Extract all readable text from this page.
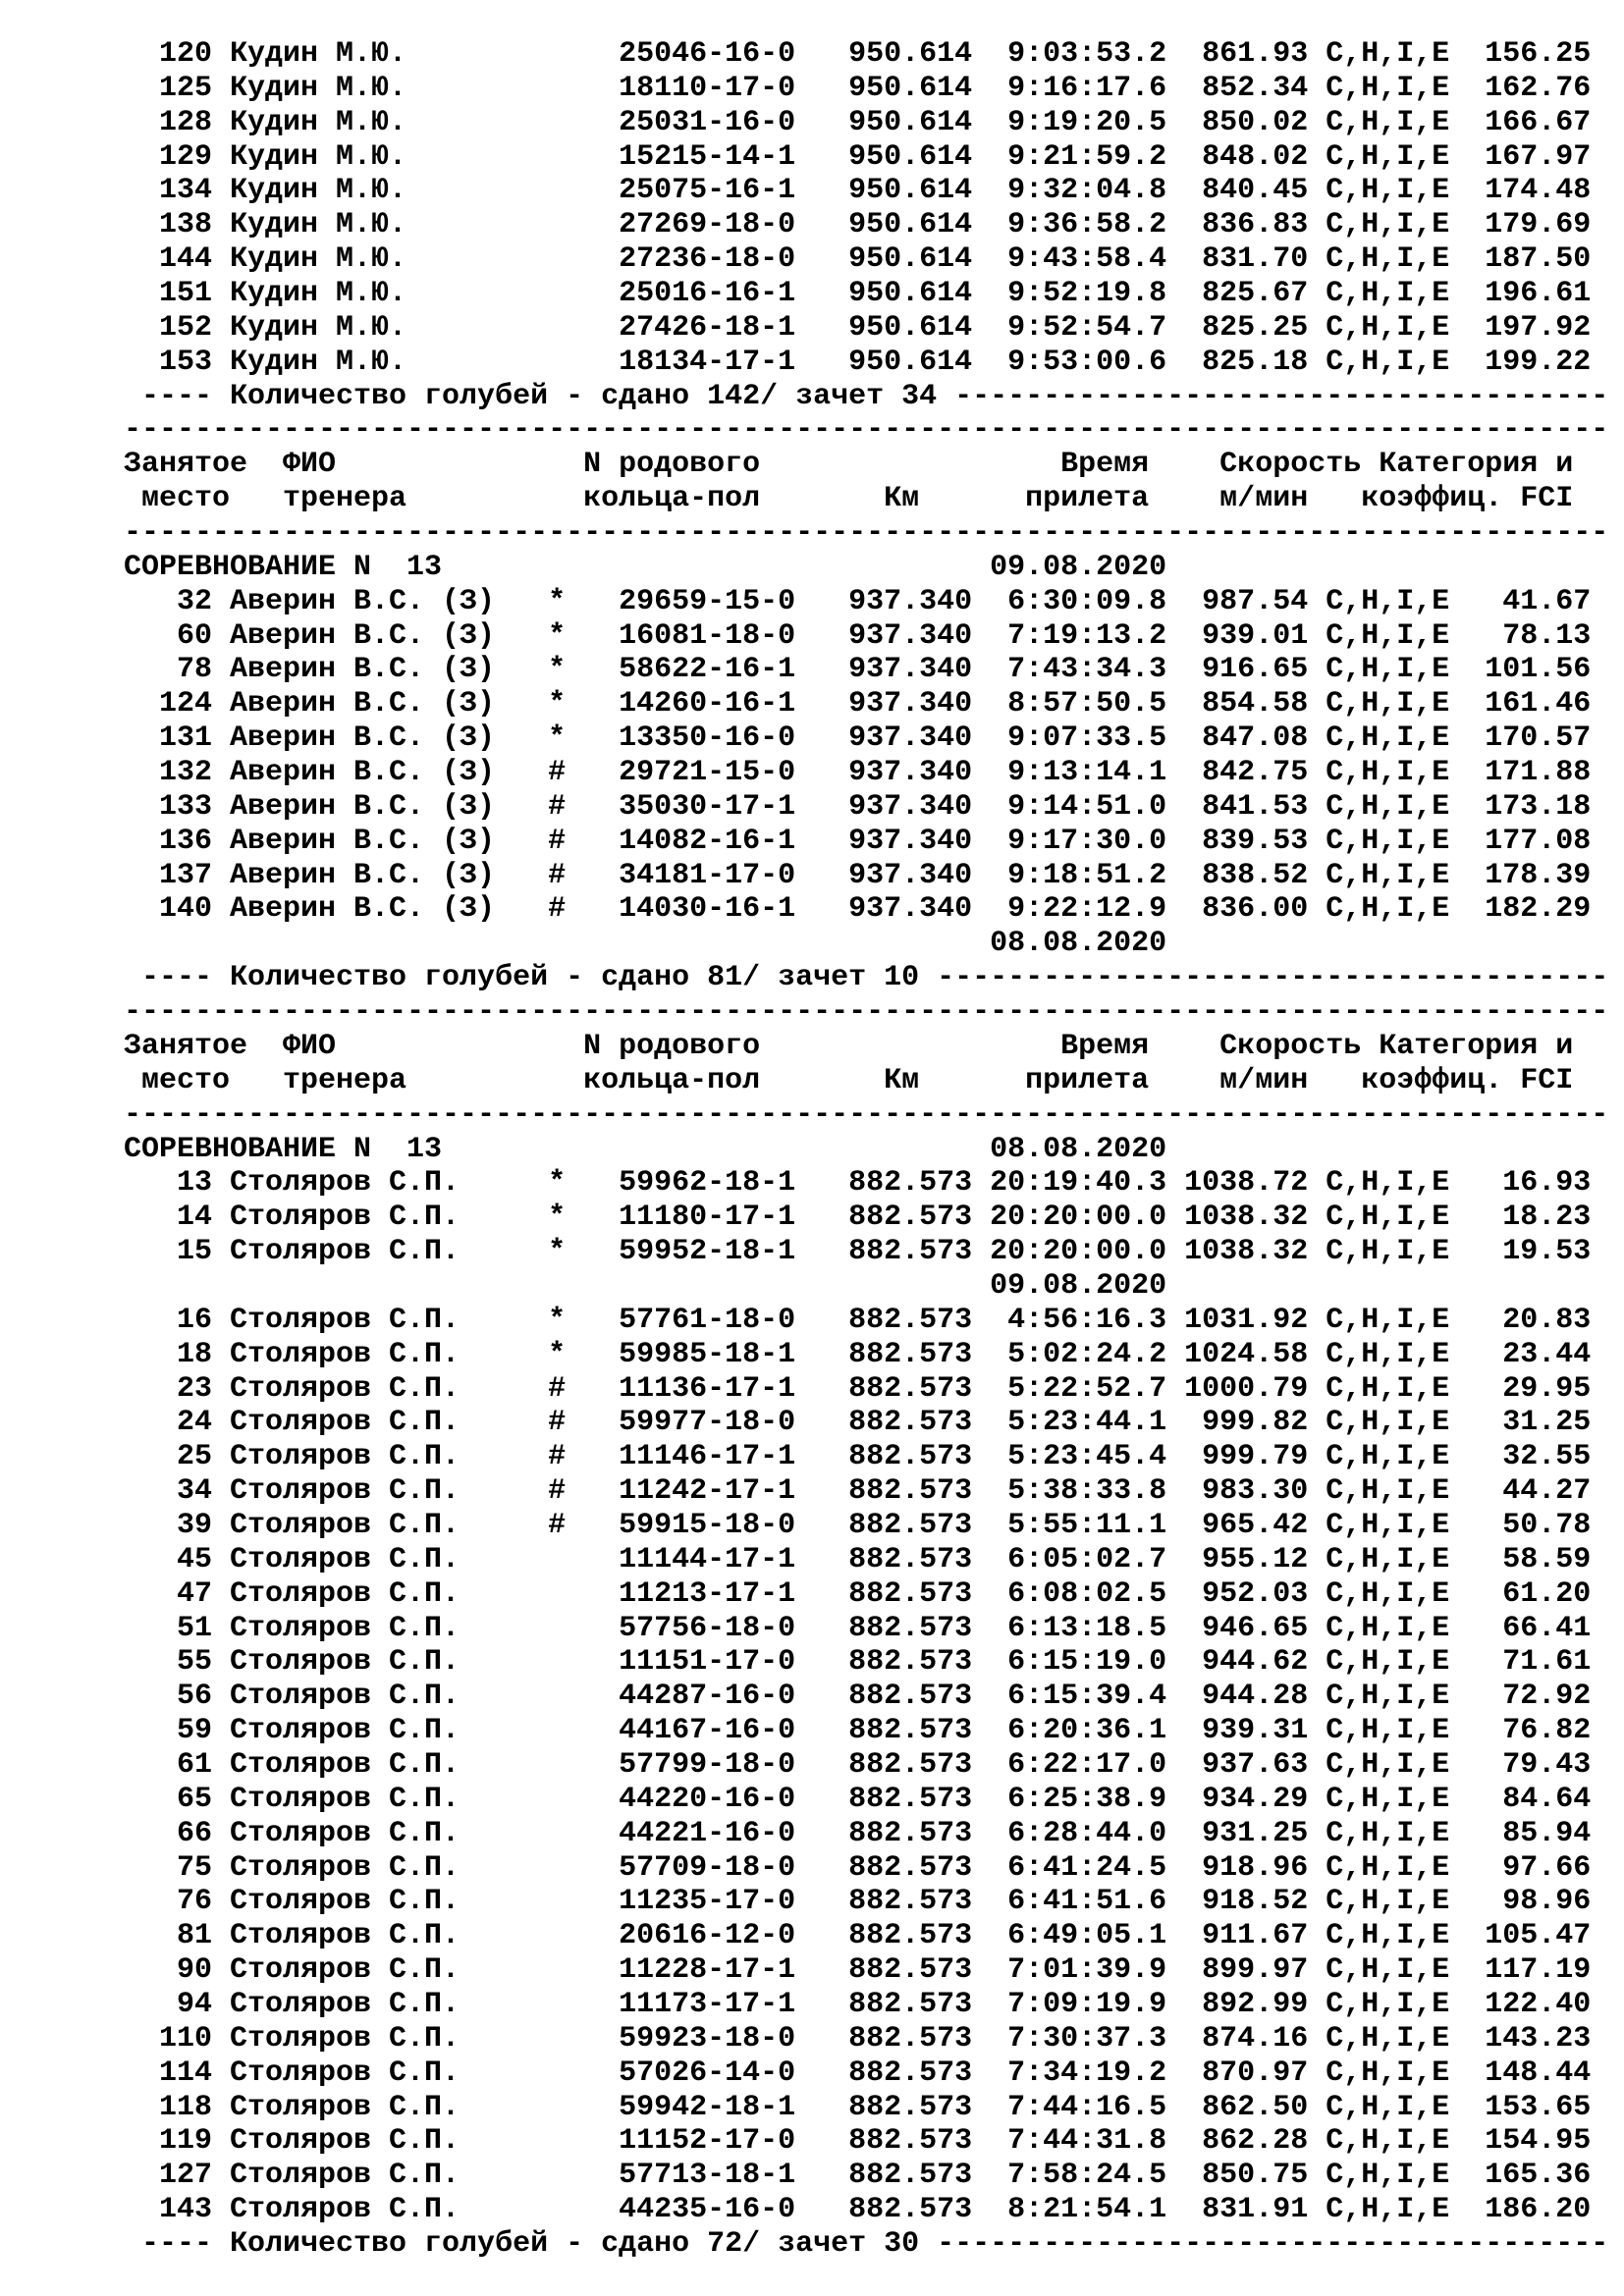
120 Кудин М.Ю.            25046-16-0   950.614  9:03:53.2  861.93 C,H,I,E  156.25
125 Кудин М.Ю.            18110-17-0   950.614  9:16:17.6  852.34 C,H,I,E  162.76
128 Кудин М.Ю.            25031-16-0   950.614  9:19:20.5  850.02 C,H,I,E  166.67
129 Кудин М.Ю.            15215-14-1   950.614  9:21:59.2  848.02 C,H,I,E  167.97
134 Кудин М.Ю.            25075-16-1   950.614  9:32:04.8  840.45 C,H,I,E  174.48
138 Кудин М.Ю.            27269-18-0   950.614  9:36:58.2  836.83 C,H,I,E  179.69
144 Кудин М.Ю.            27236-18-0   950.614  9:43:58.4  831.70 C,H,I,E  187.50
151 Кудин М.Ю.            25016-16-1   950.614  9:52:19.8  825.67 C,H,I,E  196.61
152 Кудин М.Ю.            27426-18-1   950.614  9:52:54.7  825.25 C,H,I,E  197.92
153 Кудин М.Ю.            18134-17-1   950.614  9:53:00.6  825.18 C,H,I,E  199.22
---- Количество голубей - сдано 142/ зачет 34 -------------------------------------
------------------------------------------------------------------------------------
Занятое  ФИО              N родового                 Время    Скорость Категория и
место   тренера          кольца-пол       Км      прилета    м/мин   коэффиц. FCI
------------------------------------------------------------------------------------
СОРЕВНОВАНИЕ N  13                               09.08.2020
32 Аверин В.С. (З)   *   29659-15-0   937.340  6:30:09.8  987.54 C,H,I,E   41.67
60 Аверин В.С. (З)   *   16081-18-0   937.340  7:19:13.2  939.01 C,H,I,E   78.13
78 Аверин В.С. (З)   *   58622-16-1   937.340  7:43:34.3  916.65 C,H,I,E  101.56
124 Аверин В.С. (З)   *   14260-16-1   937.340  8:57:50.5  854.58 C,H,I,E  161.46
131 Аверин В.С. (З)   *   13350-16-0   937.340  9:07:33.5  847.08 C,H,I,E  170.57
132 Аверин В.С. (З)   #   29721-15-0   937.340  9:13:14.1  842.75 C,H,I,E  171.88
133 Аверин В.С. (З)   #   35030-17-1   937.340  9:14:51.0  841.53 C,H,I,E  173.18
136 Аверин В.С. (З)   #   14082-16-1   937.340  9:17:30.0  839.53 C,H,I,E  177.08
137 Аверин В.С. (З)   #   34181-17-0   937.340  9:18:51.2  838.52 C,H,I,E  178.39
140 Аверин В.С. (З)   #   14030-16-1   937.340  9:22:12.9  836.00 C,H,I,E  182.29
08.08.2020
---- Количество голубей - сдано 81/ зачет 10 --------------------------------------
------------------------------------------------------------------------------------
Занятое  ФИО              N родового                 Время    Скорость Категория и
место   тренера          кольца-пол       Км      прилета    м/мин   коэффиц. FCI
------------------------------------------------------------------------------------
СОРЕВНОВАНИЕ N  13                               08.08.2020
13 Столяров С.П.     *   59962-18-1   882.573 20:19:40.3 1038.72 C,H,I,E   16.93
14 Столяров С.П.     *   11180-17-1   882.573 20:20:00.0 1038.32 C,H,I,E   18.23
15 Столяров С.П.     *   59952-18-1   882.573 20:20:00.0 1038.32 C,H,I,E   19.53
09.08.2020
16 Столяров С.П.     *   57761-18-0   882.573  4:56:16.3 1031.92 C,H,I,E   20.83
18 Столяров С.П.     *   59985-18-1   882.573  5:02:24.2 1024.58 C,H,I,E   23.44
23 Столяров С.П.     #   11136-17-1   882.573  5:22:52.7 1000.79 C,H,I,E   29.95
24 Столяров С.П.     #   59977-18-0   882.573  5:23:44.1  999.82 C,H,I,E   31.25
25 Столяров С.П.     #   11146-17-1   882.573  5:23:45.4  999.79 C,H,I,E   32.55
34 Столяров С.П.     #   11242-17-1   882.573  5:38:33.8  983.30 C,H,I,E   44.27
39 Столяров С.П.     #   59915-18-0   882.573  5:55:11.1  965.42 C,H,I,E   50.78
45 Столяров С.П.         11144-17-1   882.573  6:05:02.7  955.12 C,H,I,E   58.59
47 Столяров С.П.         11213-17-1   882.573  6:08:02.5  952.03 C,H,I,E   61.20
51 Столяров С.П.         57756-18-0   882.573  6:13:18.5  946.65 C,H,I,E   66.41
55 Столяров С.П.         11151-17-0   882.573  6:15:19.0  944.62 C,H,I,E   71.61
56 Столяров С.П.         44287-16-0   882.573  6:15:39.4  944.28 C,H,I,E   72.92
59 Столяров С.П.         44167-16-0   882.573  6:20:36.1  939.31 C,H,I,E   76.82
61 Столяров С.П.         57799-18-0   882.573  6:22:17.0  937.63 C,H,I,E   79.43
65 Столяров С.П.         44220-16-0   882.573  6:25:38.9  934.29 C,H,I,E   84.64
66 Столяров С.П.         44221-16-0   882.573  6:28:44.0  931.25 C,H,I,E   85.94
75 Столяров С.П.         57709-18-0   882.573  6:41:24.5  918.96 C,H,I,E   97.66
76 Столяров С.П.         11235-17-0   882.573  6:41:51.6  918.52 C,H,I,E   98.96
81 Столяров С.П.         20616-12-0   882.573  6:49:05.1  911.67 C,H,I,E  105.47
90 Столяров С.П.         11228-17-1   882.573  7:01:39.9  899.97 C,H,I,E  117.19
94 Столяров С.П.         11173-17-1   882.573  7:09:19.9  892.99 C,H,I,E  122.40
110 Столяров С.П.         59923-18-0   882.573  7:30:37.3  874.16 C,H,I,E  143.23
114 Столяров С.П.         57026-14-0   882.573  7:34:19.2  870.97 C,H,I,E  148.44
118 Столяров С.П.         59942-18-1   882.573  7:44:16.5  862.50 C,H,I,E  153.65
119 Столяров С.П.         11152-17-0   882.573  7:44:31.8  862.28 C,H,I,E  154.95
127 Столяров С.П.         57713-18-1   882.573  7:58:24.5  850.75 C,H,I,E  165.36
143 Столяров С.П.         44235-16-0   882.573  8:21:54.1  831.91 C,H,I,E  186.20
---- Количество голубей - сдано 72/ зачет 30 --------------------------------------
